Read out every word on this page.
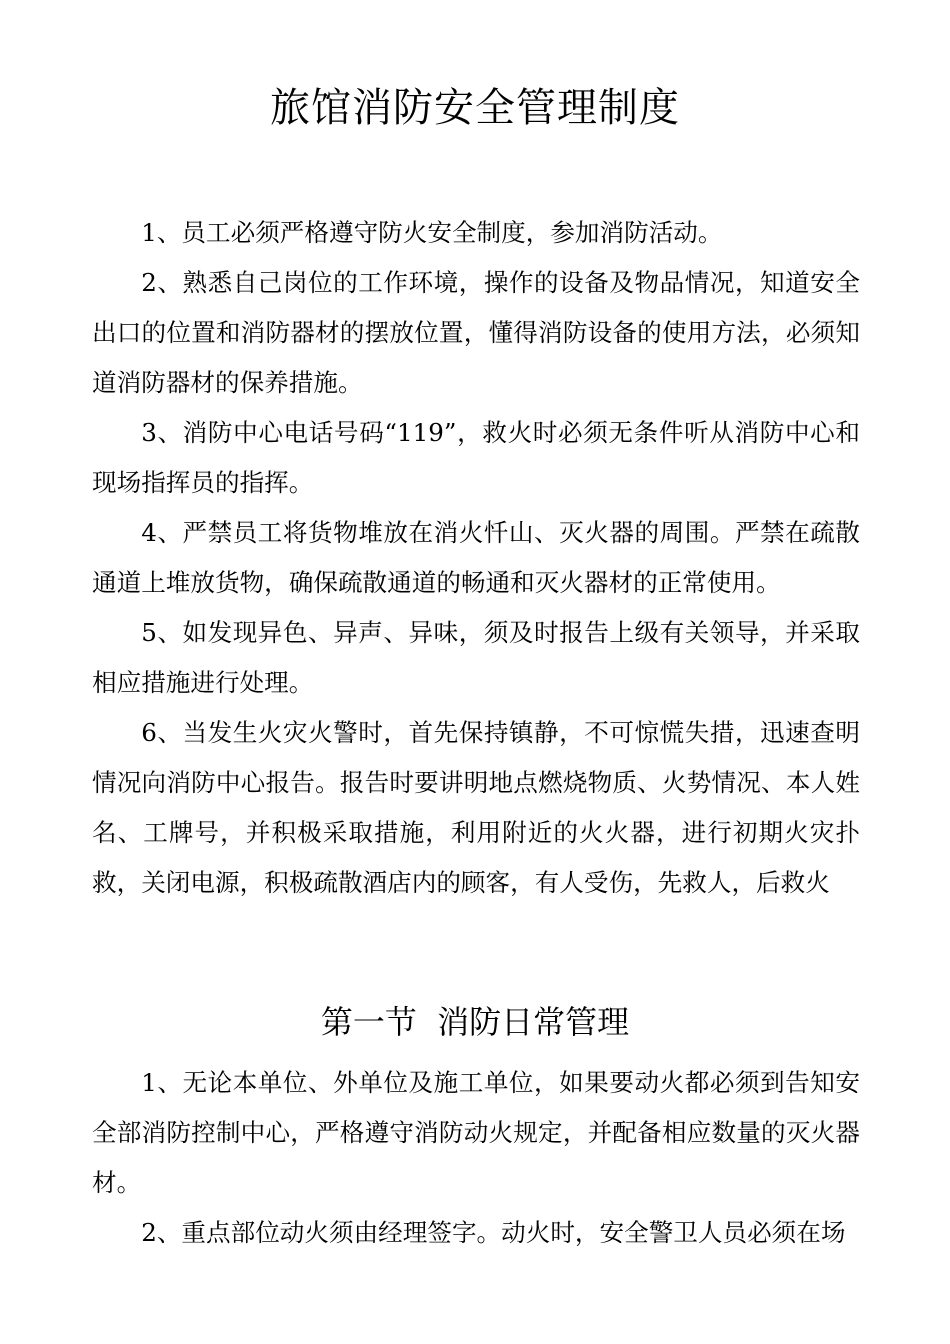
旅馆消防安全管理制度

1、员工必须严格遵守防火安全制度，参加消防活动。

2、熟悉自己岗位的工作环境，操作的设备及物品情况，知道安全出口的位置和消防器材的摆放位置，懂得消防设备的使用方法，必须知道消防器材的保养措施。

3、消防中心电话号码“119”，救火时必须无条件听从消防中心和现场指挥员的指挥。

4、严禁员工将货物堆放在消火忏山、灭火器的周围。严禁在疏散通道上堆放货物，确保疏散通道的畅通和灭火器材的正常使用。

5、如发现异色、异声、异味，须及时报告上级有关领导，并采取相应措施进行处理。

6、当发生火灾火警时，首先保持镇静，不可惊慌失措，迅速查明情况向消防中心报告。报告时要讲明地点燃烧物质、火势情况、本人姓名、工牌号，并积极采取措施，利用附近的火火器，进行初期火灾扑救，关闭电源，积极疏散酒店内的顾客，有人受伤，先救人，后救火

第一节  消防日常管理

1、无论本单位、外单位及施工单位，如果要动火都必须到告知安全部消防控制中心，严格遵守消防动火规定，并配备相应数量的灭火器材。

2、重点部位动火须由经理签字。动火时，安全警卫人员必须在场
